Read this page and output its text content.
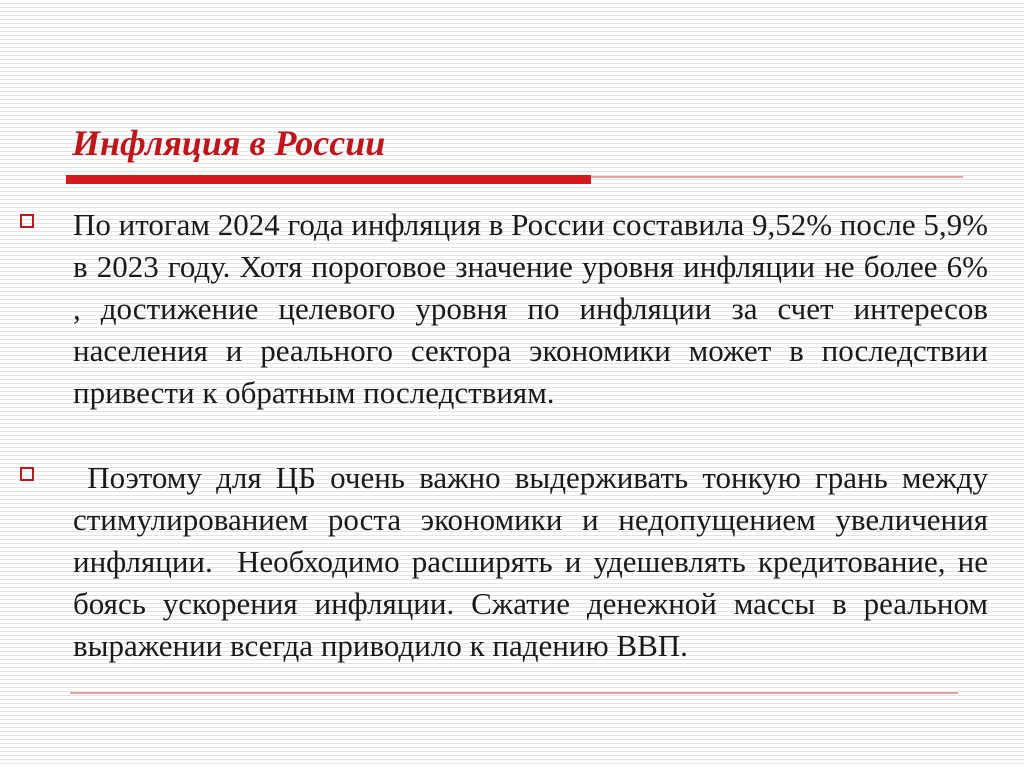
Инфляция в России

По итогам 2024 года инфляция в России составила 9,52% после 5,9% в 2023 году. Хотя пороговое значение уровня инфляции не более 6% , достижение целевого уровня по инфляции за счет интересов населения и реального сектора экономики может в последствии привести к обратным последствиям.

Поэтому для ЦБ очень важно выдерживать тонкую грань между стимулированием роста экономики и недопущением увеличения инфляции.  Необходимо расширять и удешевлять кредитование, не боясь ускорения инфляции. Сжатие денежной массы в реальном выражении всегда приводило к падению ВВП.
